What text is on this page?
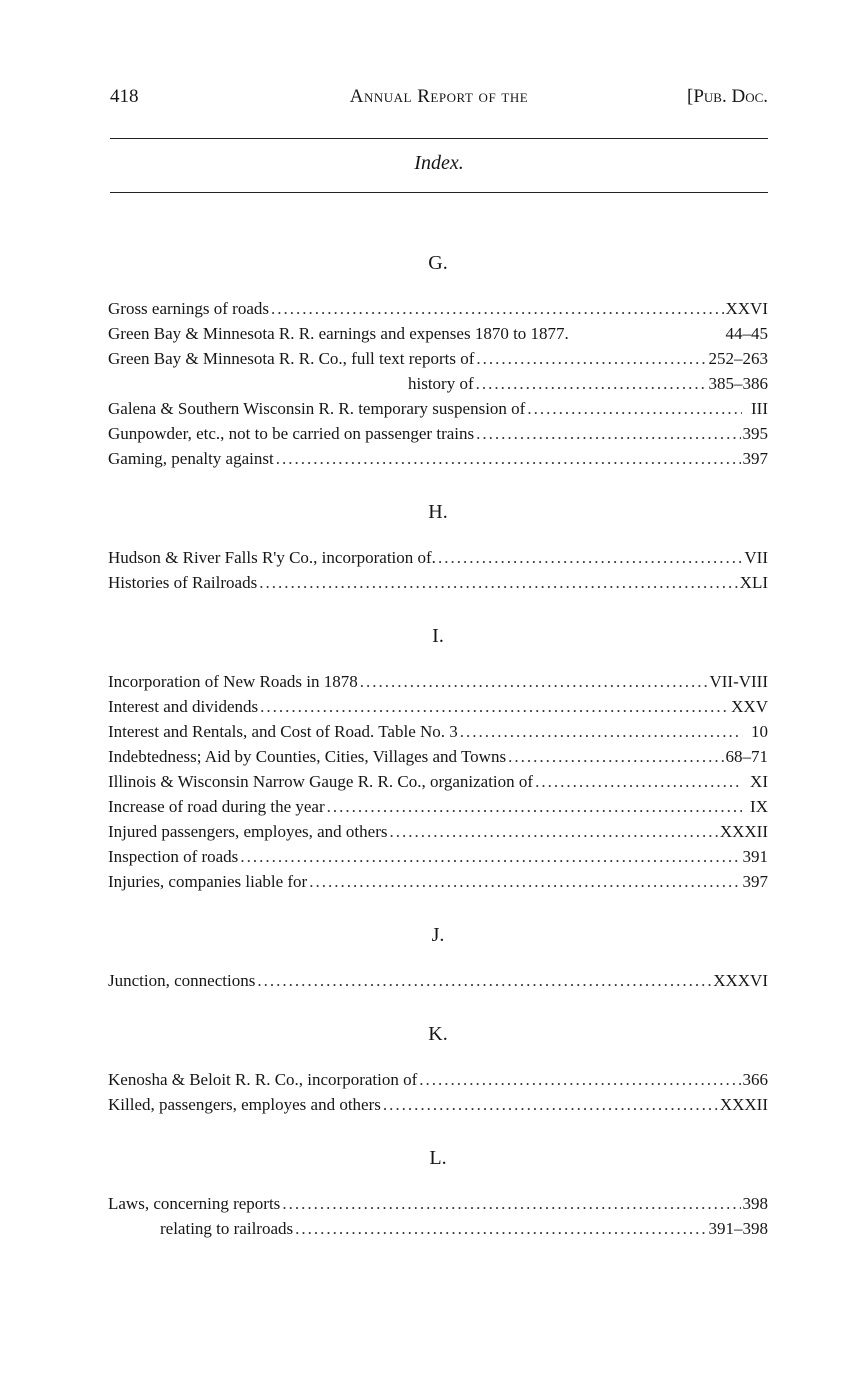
418	Annual Report of the	[Pub. Doc.
Index.
G.
Gross earnings of roads .....	XXVI
Green Bay & Minnesota R. R. earnings and expenses 1870 to 1877.	44–45
Green Bay & Minnesota R. R. Co., full text reports of .....	252–263
history of .....	385–386
Galena & Southern Wisconsin R. R. temporary suspension of .....	III
Gunpowder, etc., not to be carried on passenger trains .....	395
Gaming, penalty against .....	397
H.
Hudson & River Falls R'y Co., incorporation of. .....	VII
Histories of Railroads .....	XLI
I.
Incorporation of New Roads in 1878 .....	VII-VIII
Interest and dividends .....	XXV
Interest and Rentals, and Cost of Road. Table No. 3 .....	10
Indebtedness; Aid by Counties, Cities, Villages and Towns .....	68–71
Illinois & Wisconsin Narrow Gauge R. R. Co., organization of .....	XI
Increase of road during the year .....	IX
Injured passengers, employes, and others .....	XXXII
Inspection of roads .....	391
Injuries, companies liable for .....	397
J.
Junction, connections .....	XXXVI
K.
Kenosha & Beloit R. R. Co., incorporation of .....	366
Killed, passengers, employes and others .....	XXXII
L.
Laws, concerning reports .....	398
relating to railroads .....	391–398
